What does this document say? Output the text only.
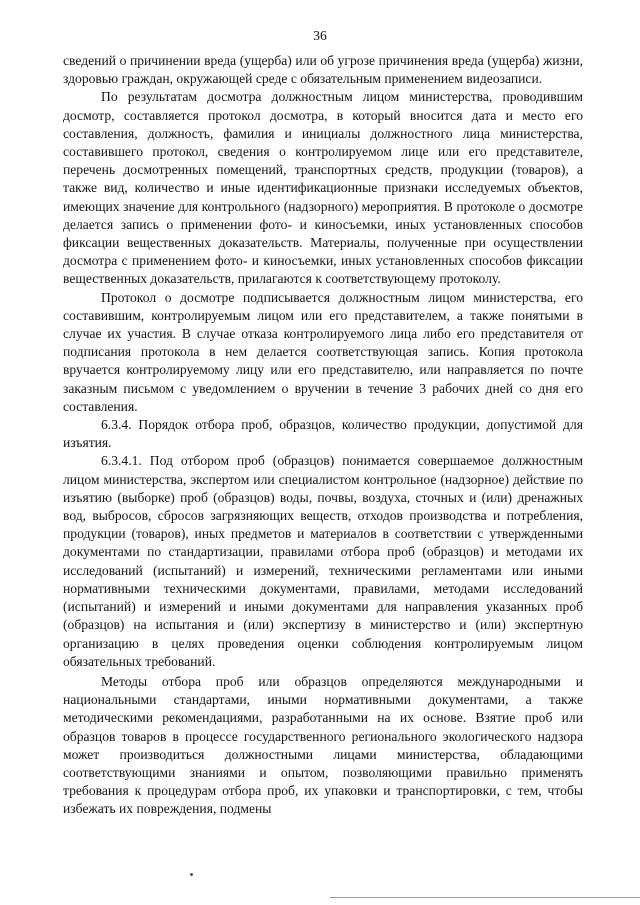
36

сведений о причинении вреда (ущерба) или об угрозе причинения вреда (ущерба) жизни, здоровью граждан, окружающей среде с обязательным применением видеозаписи.

По результатам досмотра должностным лицом министерства, проводившим досмотр, составляется протокол досмотра, в который вносится дата и место его составления, должность, фамилия и инициалы должностного лица министерства, составившего протокол, сведения о контролируемом лице или его представителе, перечень досмотренных помещений, транспортных средств, продукции (товаров), а также вид, количество и иные идентификационные признаки исследуемых объектов, имеющих значение для контрольного (надзорного) мероприятия. В протоколе о досмотре делается запись о применении фото- и киносъемки, иных установленных способов фиксации вещественных доказательств. Материалы, полученные при осуществлении досмотра с применением фото- и киносъемки, иных установленных способов фиксации вещественных доказательств, прилагаются к соответствующему протоколу.

Протокол о досмотре подписывается должностным лицом министерства, его составившим, контролируемым лицом или его представителем, а также понятыми в случае их участия. В случае отказа контролируемого лица либо его представителя от подписания протокола в нем делается соответствующая запись. Копия протокола вручается контролируемому лицу или его представителю, или направляется по почте заказным письмом с уведомлением о вручении в течение 3 рабочих дней со дня его составления.

6.3.4. Порядок отбора проб, образцов, количество продукции, допустимой для изъятия.

6.3.4.1. Под отбором проб (образцов) понимается совершаемое должностным лицом министерства, экспертом или специалистом контрольное (надзорное) действие по изъятию (выборке) проб (образцов) воды, почвы, воздуха, сточных и (или) дренажных вод, выбросов, сбросов загрязняющих веществ, отходов производства и потребления, продукции (товаров), иных предметов и материалов в соответствии с утвержденными документами по стандартизации, правилами отбора проб (образцов) и методами их исследований (испытаний) и измерений, техническими регламентами или иными нормативными техническими документами, правилами, методами исследований (испытаний) и измерений и иными документами для направления указанных проб (образцов) на испытания и (или) экспертизу в министерство и (или) экспертную организацию в целях проведения оценки соблюдения контролируемым лицом обязательных требований.

Методы отбора проб или образцов определяются международными и национальными стандартами, иными нормативными документами, а также методическими рекомендациями, разработанными на их основе. Взятие проб или образцов товаров в процессе государственного регионального экологического надзора может производиться должностными лицами министерства, обладающими соответствующими знаниями и опытом, позволяющими правильно применять требования к процедурам отбора проб, их упаковки и транспортировки, с тем, чтобы избежать их повреждения, подмены
